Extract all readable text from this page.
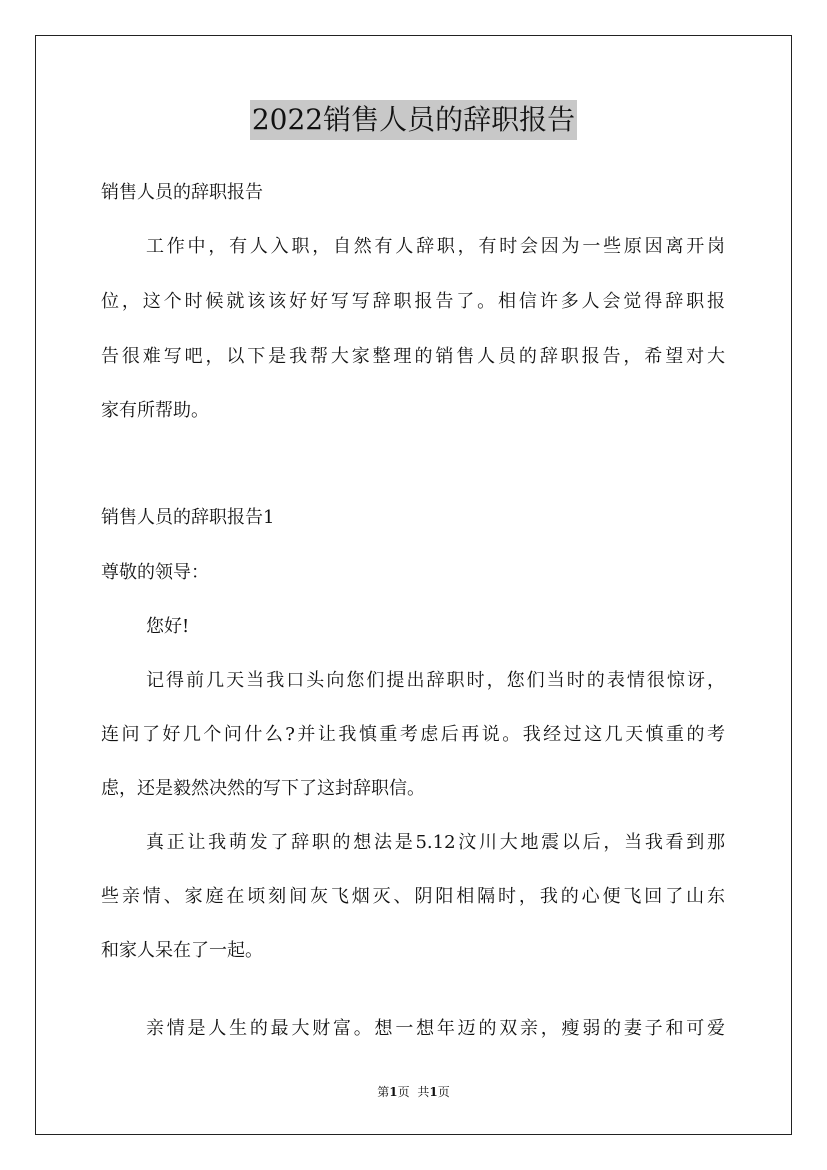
2022销售人员的辞职报告
销售人员的辞职报告
工作中，有人入职，自然有人辞职，有时会因为一些原因离开岗
位，这个时候就该该好好写写辞职报告了。相信许多人会觉得辞职报
告很难写吧，以下是我帮大家整理的销售人员的辞职报告，希望对大
家有所帮助。
销售人员的辞职报告1
尊敬的领导：
您好!
记得前几天当我口头向您们提出辞职时，您们当时的表情很惊讶，
连问了好几个问什么?并让我慎重考虑后再说。我经过这几天慎重的考
虑，还是毅然决然的写下了这封辞职信。
真正让我萌发了辞职的想法是5.12汶川大地震以后，当我看到那
些亲情、家庭在顷刻间灰飞烟灭、阴阳相隔时，我的心便飞回了山东
和家人呆在了一起。
亲情是人生的最大财富。想一想年迈的双亲，瘦弱的妻子和可爱
第1页 共1页
